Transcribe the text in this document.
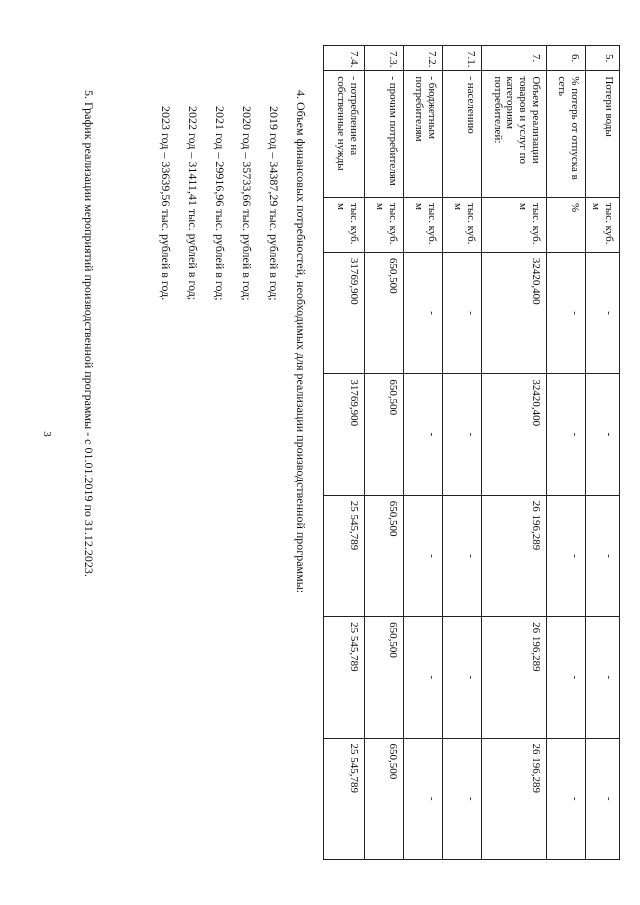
3
5.	Потери воды	тыс. куб. м	-	-	-	-	-
6.	% потерь от отпуска в сеть	%	-	-	-	-	-
7.	Объем реализации товаров и услуг по категориям потребителей:	тыс. куб. м	32420,400	32420,400	26 196,289	26 196,289	26 196,289
7.1.	- населению	тыс. куб. м	-	-	-	-	-
7.2.	- бюджетным потребителям	тыс. куб. м	-	-	-	-	-
7.3.	- прочим потребителям	тыс. куб. м	650,500	650,500	650,500	650,500	650,500
7.4.	- потребление на собственные нужды	тыс. куб. м	31769,900	31769,900	25 545,789	25 545,789	25 545,789

4. Объем финансовых потребностей, необходимых для реализации производственной программы:

2019 год – 34387,29 тыс. рублей в год;

2020 год – 35733,66 тыс. рублей в год;

2021 год – 29916,96 тыс. рублей в год;

2022 год – 31411,41 тыс. рублей в год;

2023 год – 33639,56 тыс. рублей в год.

5. График реализации мероприятий производственной программы - с 01.01.2019 по 31.12.2023.
